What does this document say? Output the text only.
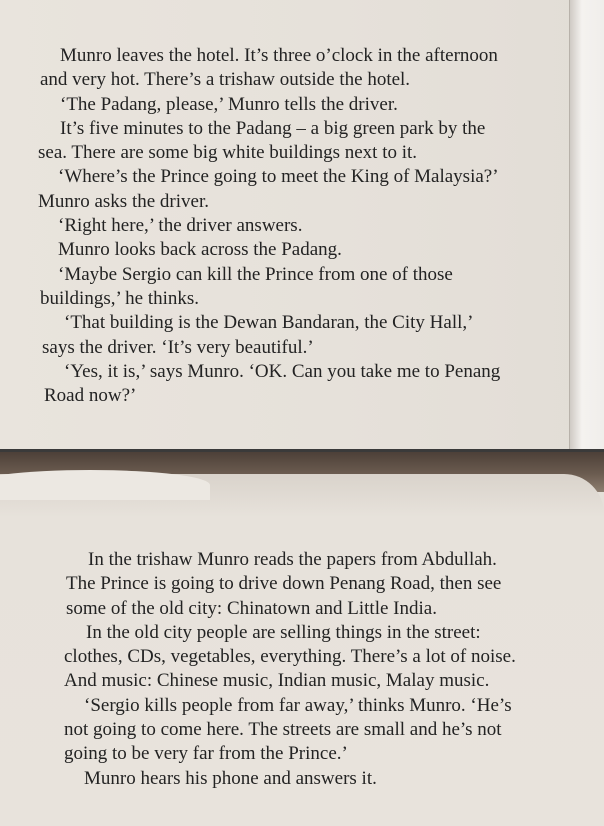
Munro leaves the hotel. It’s three o’clock in the afternoon

and very hot. There’s a trishaw outside the hotel.

‘The Padang, please,’ Munro tells the driver.

It’s five minutes to the Padang – a big green park by the

sea. There are some big white buildings next to it.

‘Where’s the Prince going to meet the King of Malaysia?’

Munro asks the driver.

‘Right here,’ the driver answers.

Munro looks back across the Padang.

‘Maybe Sergio can kill the Prince from one of those

buildings,’ he thinks.

‘That building is the Dewan Bandaran, the City Hall,’

says the driver. ‘It’s very beautiful.’

‘Yes, it is,’ says Munro. ‘OK. Can you take me to Penang

Road now?’

In the trishaw Munro reads the papers from Abdullah.

The Prince is going to drive down Penang Road, then see

some of the old city: Chinatown and Little India.

In the old city people are selling things in the street:

clothes, CDs, vegetables, everything. There’s a lot of noise.

And music: Chinese music, Indian music, Malay music.

‘Sergio kills people from far away,’ thinks Munro. ‘He’s

not going to come here. The streets are small and he’s not

going to be very far from the Prince.’

Munro hears his phone and answers it.
